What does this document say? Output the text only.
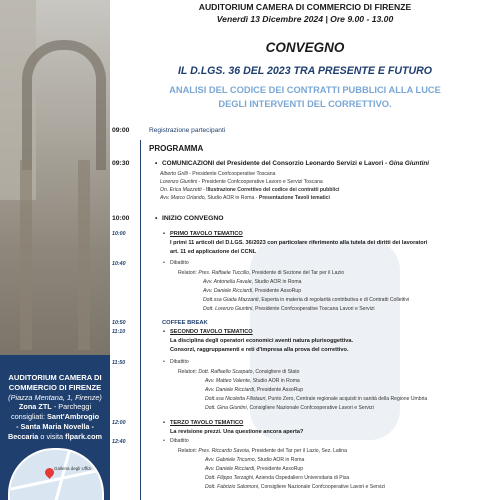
Galleria degli Uffizi
AUDITORIUM CAMERA DI
COMMERCIO DI FIRENZE
(Piazza Mentana, 1, Firenze)
Zona ZTL - Parcheggi
consigliati: Sant'Ambrogio
- Santa Maria Novella -
Beccaria o visita flpark.com
AUDITORIUM CAMERA DI COMMERCIO DI FIRENZE
Venerdì 13 Dicembre 2024 | Ore 9.00 - 13.00
CONVEGNO
IL D.LGS. 36 DEL 2023 TRA PRESENTE E FUTURO
ANALISI DEL CODICE DEI CONTRATTI PUBBLICI ALLA LUCE
DEGLI INTERVENTI DEL CORRETTIVO.
09:00	Registrazione partecipanti
PROGRAMMA
09:30	• COMUNICAZIONI del Presidente del Consorzio Leonardo Servizi e Lavori - Gina Giuntini
Alberto Grilli - Presidente Confcooperative Toscana
Lorenzo Giuntini - Presidente Confcooperative Lavoro e Servizi Toscana
On. Erica Mazzetti - Illustrazione Correttivo del codice dei contratti pubblici
Avv. Marco Orlando, Studio AOR in Roma - Presentazione Tavoli tematici
10:00	• INIZIO CONVEGNO
10:00	• PRIMO TAVOLO TEMATICO
I primi 11 articoli del D.LGS. 36/2023 con particolare riferimento alla tutela dei diritti dei lavoratori
art. 11 ed applicazione dei CCNL
10:40	• Dibattito
Relatori: Pres. Raffaele Tuccillo, Presidente di Sezione del Tar per il Lazio
Avv. Antonella Favale, Studio AOR in Roma
Avv. Daniele Ricciardi, Presidente AssoRup
Dott.ssa Giada Mazzanti, Esperta in materia di regolarità contributiva e di Contratti Collettivi
Dott. Lorenzo Giuntini, Presidente Confcooperative Toscana Lavori e Servizi
10:50	COFFEE BREAK
11:10	• SECONDO TAVOLO TEMATICO
La disciplina degli operatori economici aventi natura plurisoggettiva.
Consorzi, raggruppamenti e reti d'impresa alla prova del correttivo.
11:50	• Dibattito
Relatori: Dott. Raffaello Scarpato, Consigliere di Stato
Avv. Matteo Valente, Studio AOR in Roma
Avv. Daniele Ricciardi, Presidente AssoRup
Dott.ssa Nicoletta Filistauri, Punto Zero, Centrale regionale acquisti in sanità della Regione Umbria
Dott. Gina Giuntini, Consigliere Nazionale Confcooperative Lavori e Servizi
12:00	• TERZO TAVOLO TEMATICO
La revisione prezzi. Una questione ancora aperta?
12:40	• Dibattito
Relatori: Pres. Riccardo Savoia, Presidente del Tar per il Lazio, Sez. Latina
Avv. Gabriele Tricomo, Studio AOR in Roma
Avv. Daniele Ricciardi, Presidente AssoRup
Dott. Filippo Terzaghi, Azienda Ospedaliero Universitaria di Pisa
Dott. Fabrizio Salomoni, Consigliere Nazionale Confcooperative Lavori e Servizi
